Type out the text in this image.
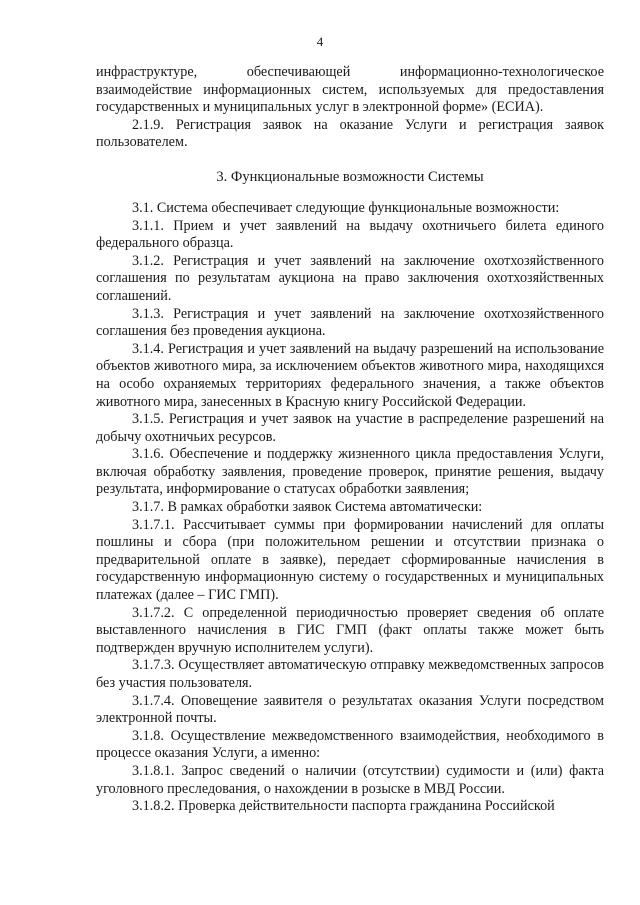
4

инфраструктуре, обеспечивающей информационно-технологическое взаимодействие информационных систем, используемых для предоставления государственных и муниципальных услуг в электронной форме» (ЕСИА).

2.1.9. Регистрация заявок на оказание Услуги и регистрация заявок пользователем.

3. Функциональные возможности Системы

3.1. Система обеспечивает следующие функциональные возможности:

3.1.1. Прием и учет заявлений на выдачу охотничьего билета единого федерального образца.

3.1.2. Регистрация и учет заявлений на заключение охотхозяйственного соглашения по результатам аукциона на право заключения охотхозяйственных соглашений.

3.1.3. Регистрация и учет заявлений на заключение охотхозяйственного соглашения без проведения аукциона.

3.1.4. Регистрация и учет заявлений на выдачу разрешений на использование объектов животного мира, за исключением объектов животного мира, находящихся на особо охраняемых территориях федерального значения, а также объектов животного мира, занесенных в Красную книгу Российской Федерации.

3.1.5. Регистрация и учет заявок на участие в распределение разрешений на добычу охотничьих ресурсов.

3.1.6. Обеспечение и поддержку жизненного цикла предоставления Услуги, включая обработку заявления, проведение проверок, принятие решения, выдачу результата, информирование о статусах обработки заявления;

3.1.7. В рамках обработки заявок Система автоматически:

3.1.7.1. Рассчитывает суммы при формировании начислений для оплаты пошлины и сбора (при положительном решении и отсутствии признака о предварительной оплате в заявке), передает сформированные начисления в государственную информационную систему о государственных и муниципальных платежах (далее – ГИС ГМП).

3.1.7.2. С определенной периодичностью проверяет сведения об оплате выставленного начисления в ГИС ГМП (факт оплаты также может быть подтвержден вручную исполнителем услуги).

3.1.7.3. Осуществляет автоматическую отправку межведомственных запросов без участия пользователя.

3.1.7.4. Оповещение заявителя о результатах оказания Услуги посредством электронной почты.

3.1.8. Осуществление межведомственного взаимодействия, необходимого в процессе оказания Услуги, а именно:

3.1.8.1. Запрос сведений о наличии (отсутствии) судимости и (или) факта уголовного преследования, о нахождении в розыске в МВД России.

3.1.8.2. Проверка действительности паспорта гражданина Российской
